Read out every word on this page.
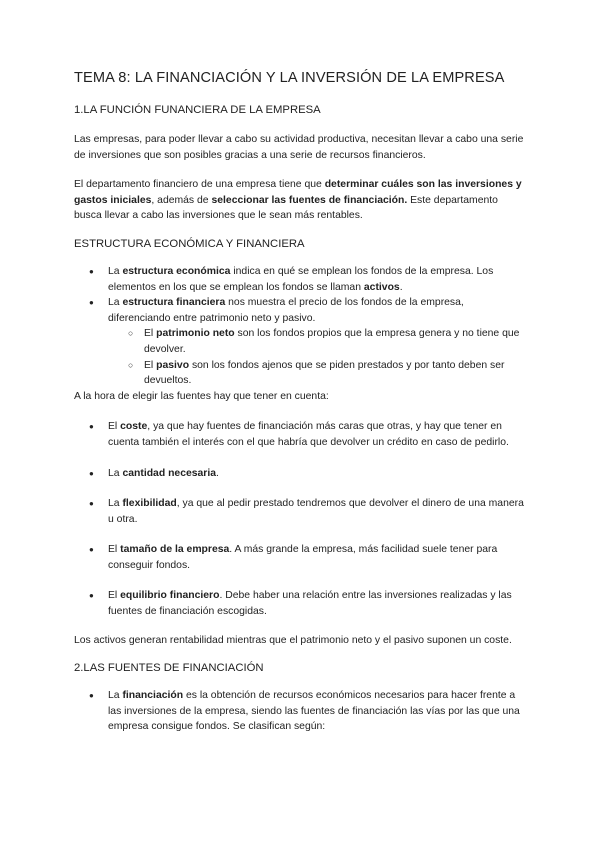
TEMA 8: LA FINANCIACIÓN Y LA INVERSIÓN DE LA EMPRESA
1.LA FUNCIÓN FUNANCIERA DE LA EMPRESA

Las empresas, para poder llevar a cabo su actividad productiva, necesitan llevar a cabo una serie de inversiones que son posibles gracias a una serie de recursos financieros.

El departamento financiero de una empresa tiene que determinar cuáles son las inversiones y gastos iniciales, además de seleccionar las fuentes de financiación. Este departamento busca llevar a cabo las inversiones que le sean más rentables.

ESTRUCTURA ECONÓMICA Y FINANCIERA
● La estructura económica indica en qué se emplean los fondos de la empresa. Los elementos en los que se emplean los fondos se llaman activos.
● La estructura financiera nos muestra el precio de los fondos de la empresa, diferenciando entre patrimonio neto y pasivo.
○ El patrimonio neto son los fondos propios que la empresa genera y no tiene que devolver.
○ El pasivo son los fondos ajenos que se piden prestados y por tanto deben ser devueltos.

A la hora de elegir las fuentes hay que tener en cuenta:

● El coste, ya que hay fuentes de financiación más caras que otras, y hay que tener en cuenta también el interés con el que habría que devolver un crédito en caso de pedirlo.
● La cantidad necesaria.
● La flexibilidad, ya que al pedir prestado tendremos que devolver el dinero de una manera u otra.
● El tamaño de la empresa. A más grande la empresa, más facilidad suele tener para conseguir fondos.
● El equilibrio financiero. Debe haber una relación entre las inversiones realizadas y las fuentes de financiación escogidas.

Los activos generan rentabilidad mientras que el patrimonio neto y el pasivo suponen un coste.

2.LAS FUENTES DE FINANCIACIÓN
● La financiación es la obtención de recursos económicos necesarios para hacer frente a las inversiones de la empresa, siendo las fuentes de financiación las vías por las que una empresa consigue fondos. Se clasifican según:
